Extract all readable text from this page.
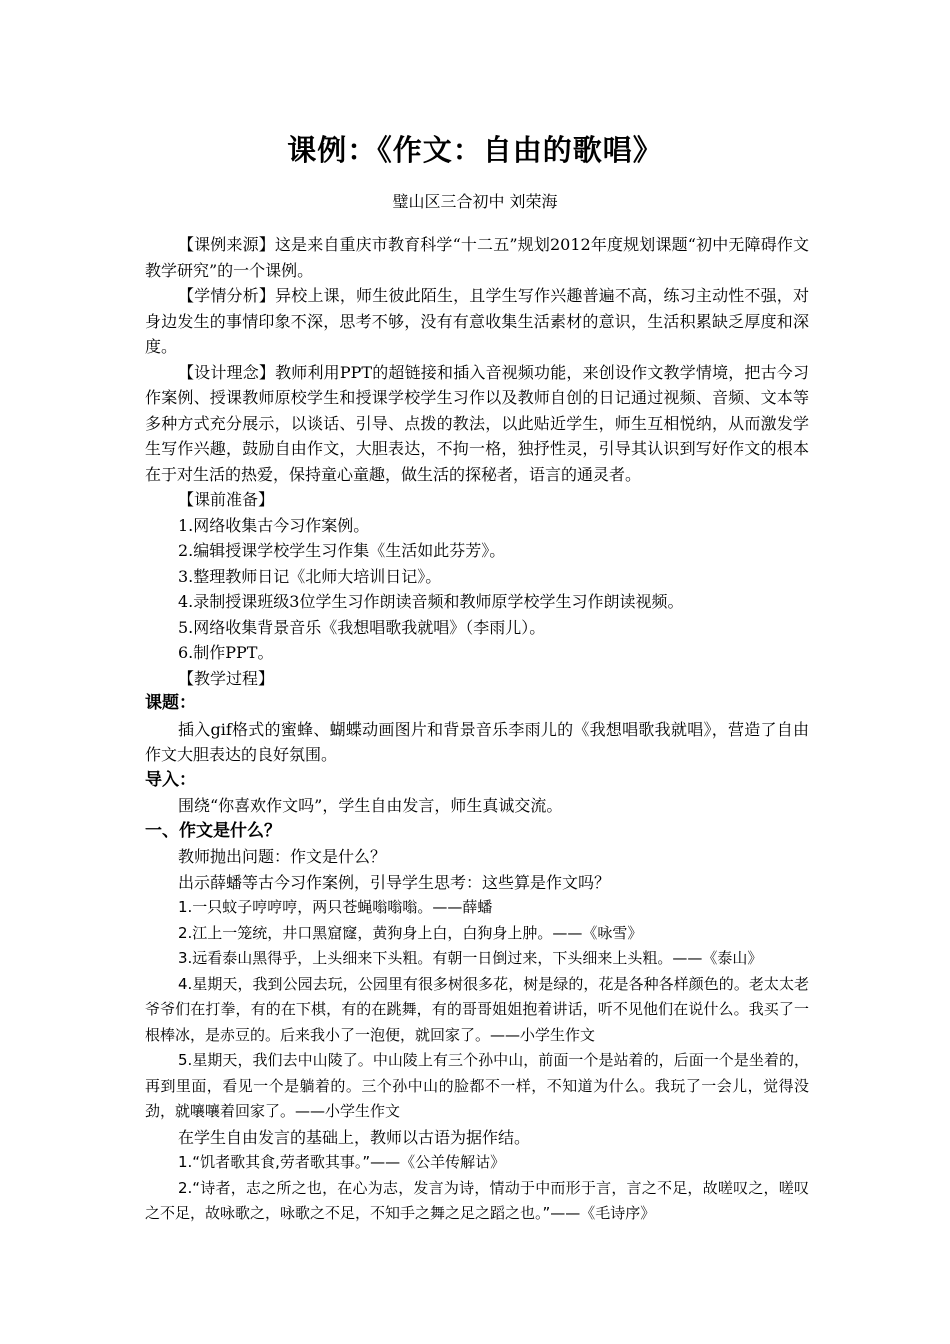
课例：《作文：自由的歌唱》
璧山区三合初中 刘荣海

【课例来源】这是来自重庆市教育科学“十二五”规划2012年度规划课题“初中无障碍作文教学研究”的一个课例。

【学情分析】异校上课，师生彼此陌生，且学生写作兴趣普遍不高，练习主动性不强，对身边发生的事情印象不深，思考不够，没有有意收集生活素材的意识，生活积累缺乏厚度和深度。

【设计理念】教师利用PPT的超链接和插入音视频功能，来创设作文教学情境，把古今习作案例、授课教师原校学生和授课学校学生习作以及教师自创的日记通过视频、音频、文本等多种方式充分展示，以谈话、引导、点拨的教法，以此贴近学生，师生互相悦纳，从而激发学生写作兴趣，鼓励自由作文，大胆表达，不拘一格，独抒性灵，引导其认识到写好作文的根本在于对生活的热爱，保持童心童趣，做生活的探秘者，语言的通灵者。

【课前准备】

1.网络收集古今习作案例。

2.编辑授课学校学生习作集《生活如此芬芳》。

3.整理教师日记《北师大培训日记》。

4.录制授课班级3位学生习作朗读音频和教师原学校学生习作朗读视频。

5.网络收集背景音乐《我想唱歌我就唱》（李雨儿）。

6.制作PPT。

【教学过程】

课题：

插入gif格式的蜜蜂、蝴蝶动画图片和背景音乐李雨儿的《我想唱歌我就唱》，营造了自由作文大胆表达的良好氛围。

导入：

围绕“你喜欢作文吗”，学生自由发言，师生真诚交流。

一、作文是什么？

教师抛出问题：作文是什么？

出示薛蟠等古今习作案例，引导学生思考：这些算是作文吗？

1.一只蚊子哼哼哼，两只苍蝇嗡嗡嗡。——薛蟠

2.江上一笼统，井口黑窟窿，黄狗身上白，白狗身上肿。——《咏雪》

3.远看泰山黑得乎，上头细来下头粗。有朝一日倒过来，下头细来上头粗。——《泰山》

4.星期天，我到公园去玩，公园里有很多树很多花，树是绿的，花是各种各样颜色的。老太太老爷爷们在打拳，有的在下棋，有的在跳舞，有的哥哥姐姐抱着讲话，听不见他们在说什么。我买了一根棒冰，是赤豆的。后来我小了一泡便，就回家了。——小学生作文

5.星期天，我们去中山陵了。中山陵上有三个孙中山，前面一个是站着的，后面一个是坐着的，再到里面，看见一个是躺着的。三个孙中山的脸都不一样，不知道为什么。我玩了一会儿，觉得没劲，就嚷嚷着回家了。——小学生作文

在学生自由发言的基础上，教师以古语为据作结。

1.“饥者歌其食,劳者歌其事。”——《公羊传解诂》

2.“诗者，志之所之也，在心为志，发言为诗，情动于中而形于言，言之不足，故嗟叹之，嗟叹之不足，故咏歌之，咏歌之不足，不知手之舞之足之蹈之也。”——《毛诗序》
